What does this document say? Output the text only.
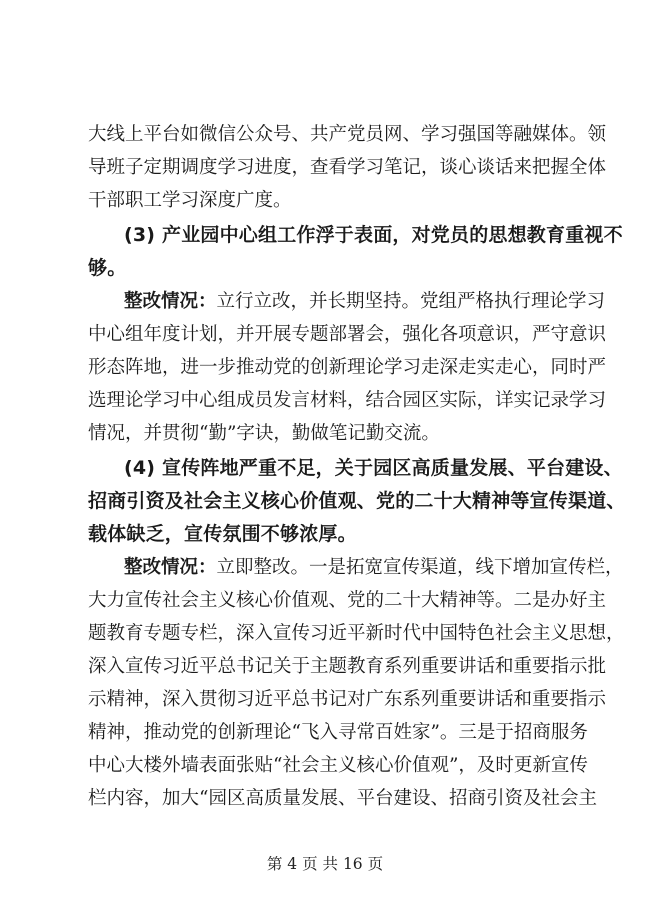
大线上平台如微信公众号、共产党员网、学习强国等融媒体。领
导班子定期调度学习进度，查看学习笔记，谈心谈话来把握全体
干部职工学习深度广度。
(3) 产业园中心组工作浮于表面，对党员的思想教育重视不
够。
整改情况：立行立改，并长期坚持。党组严格执行理论学习
中心组年度计划，并开展专题部署会，强化各项意识，严守意识
形态阵地，进一步推动党的创新理论学习走深走实走心，同时严
选理论学习中心组成员发言材料，结合园区实际，详实记录学习
情况，并贯彻“勤”字诀，勤做笔记勤交流。
(4) 宣传阵地严重不足，关于园区高质量发展、平台建设、
招商引资及社会主义核心价值观、党的二十大精神等宣传渠道、
载体缺乏，宣传氛围不够浓厚。
整改情况：立即整改。一是拓宽宣传渠道，线下增加宣传栏，
大力宣传社会主义核心价值观、党的二十大精神等。二是办好主
题教育专题专栏，深入宣传习近平新时代中国特色社会主义思想，
深入宣传习近平总书记关于主题教育系列重要讲话和重要指示批
示精神，深入贯彻习近平总书记对广东系列重要讲话和重要指示
精神，推动党的创新理论“飞入寻常百姓家”。三是于招商服务
中心大楼外墙表面张贴“社会主义核心价值观”，及时更新宣传
栏内容，加大“园区高质量发展、平台建设、招商引资及社会主
第 4 页 共 16 页
